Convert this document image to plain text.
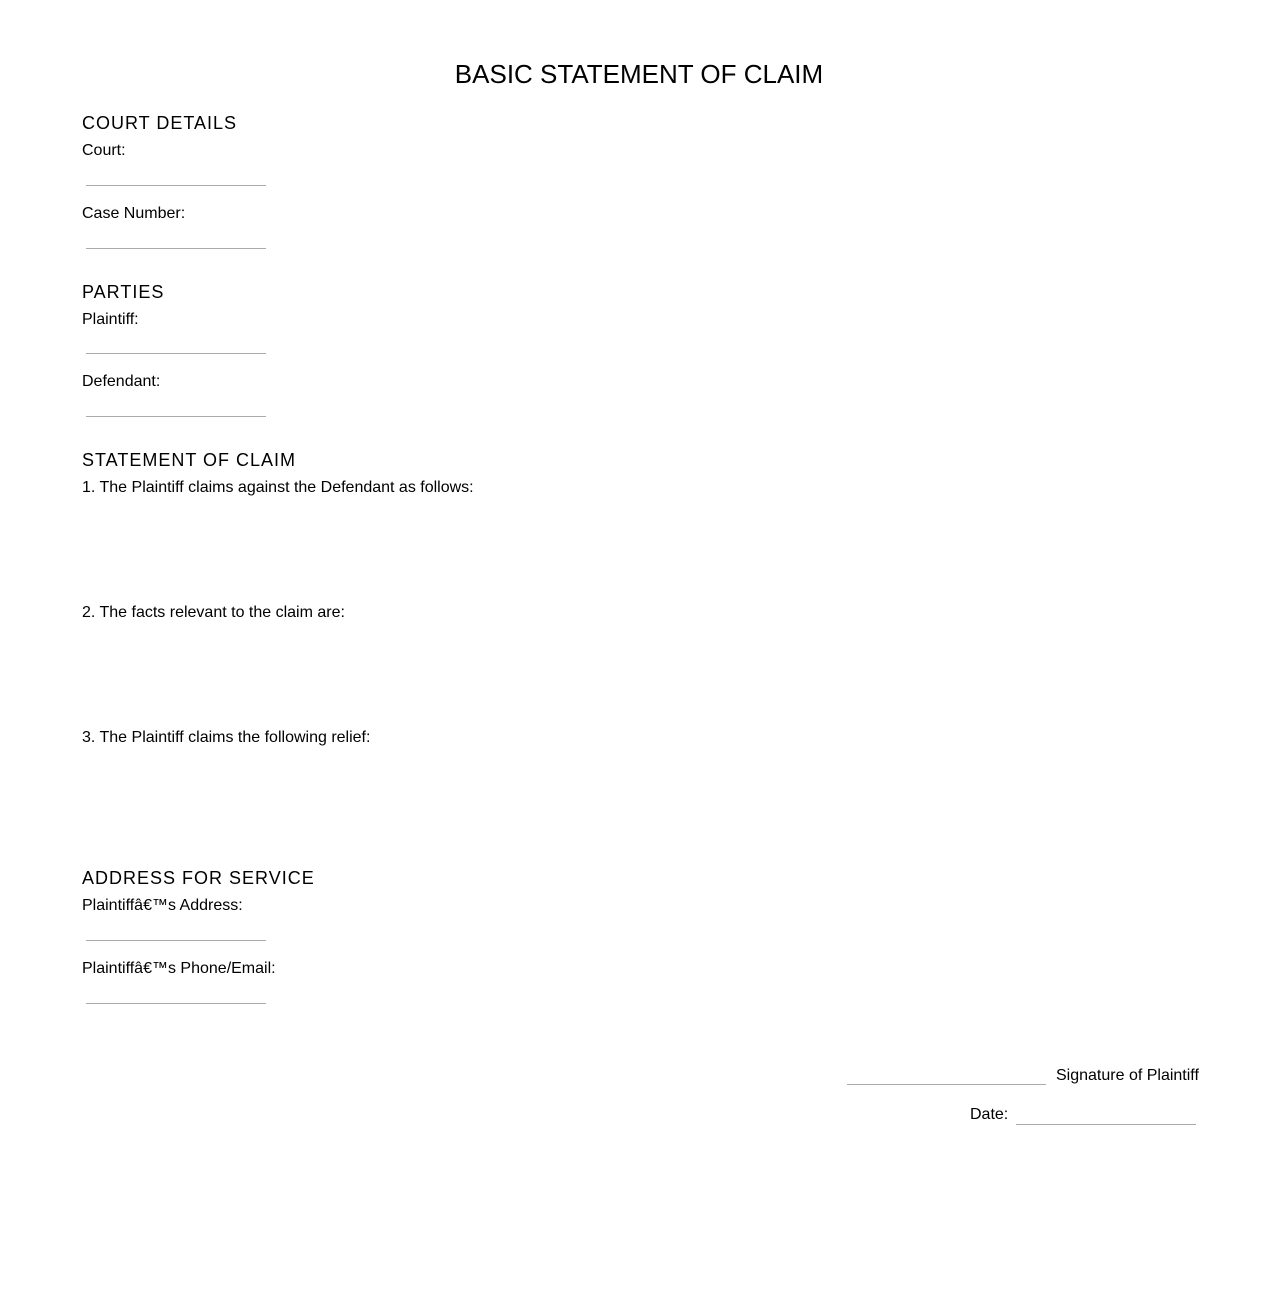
BASIC STATEMENT OF CLAIM
COURT DETAILS
Court:
Case Number:
PARTIES
Plaintiff:
Defendant:
STATEMENT OF CLAIM
1. The Plaintiff claims against the Defendant as follows:
2. The facts relevant to the claim are:
3. The Plaintiff claims the following relief:
ADDRESS FOR SERVICE
Plaintiffâ€™s Address:
Plaintiffâ€™s Phone/Email:
Signature of Plaintiff
Date:
